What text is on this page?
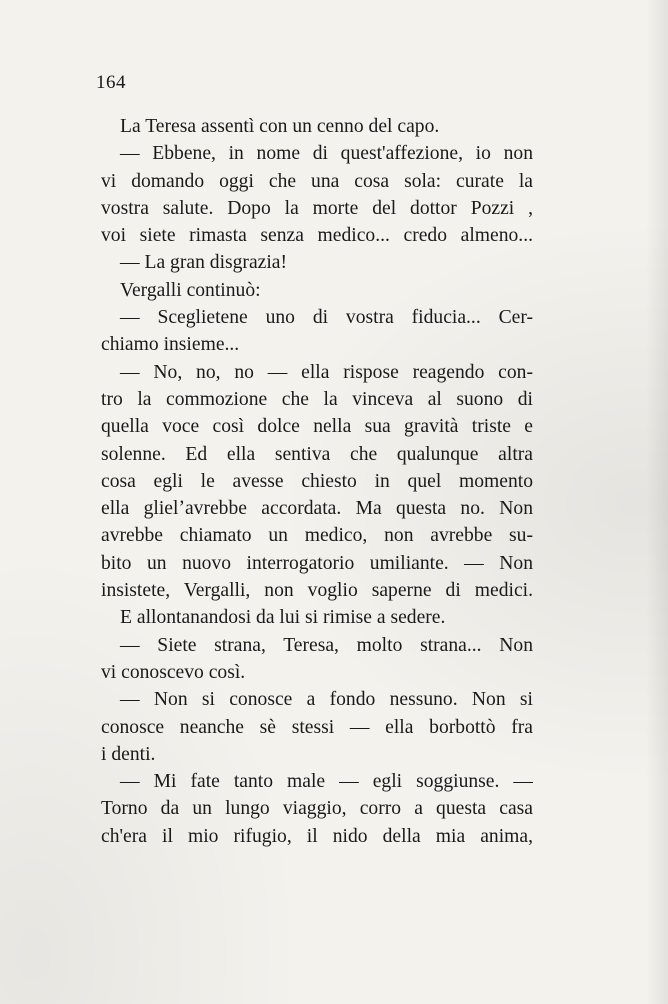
164
La Teresa assentì con un cenno del capo.
— Ebbene, in nome di quest'affezione, io non
vi domando oggi che una cosa sola: curate la
vostra salute. Dopo la morte del dottor Pozzi ,
voi siete rimasta senza medico... credo almeno...
— La gran disgrazia!
Vergalli continuò:
— Sceglietene uno di vostra fiducia... Cer-
chiamo insieme...
— No, no, no — ella rispose reagendo con-
tro la commozione che la vinceva al suono di
quella voce così dolce nella sua gravità triste e
solenne. Ed ella sentiva che qualunque altra
cosa egli le avesse chiesto in quel momento
ella glielʼavrebbe accordata. Ma questa no. Non
avrebbe chiamato un medico, non avrebbe su-
bito un nuovo interrogatorio umiliante. — Non
insistete, Vergalli, non voglio saperne di medici.
E allontanandosi da lui si rimise a sedere.
— Siete strana, Teresa, molto strana... Non
vi conoscevo così.
— Non si conosce a fondo nessuno. Non si
conosce neanche sè stessi — ella borbottò fra
i denti.
— Mi fate tanto male — egli soggiunse. —
Torno da un lungo viaggio, corro a questa casa
ch'era il mio rifugio, il nido della mia anima,
